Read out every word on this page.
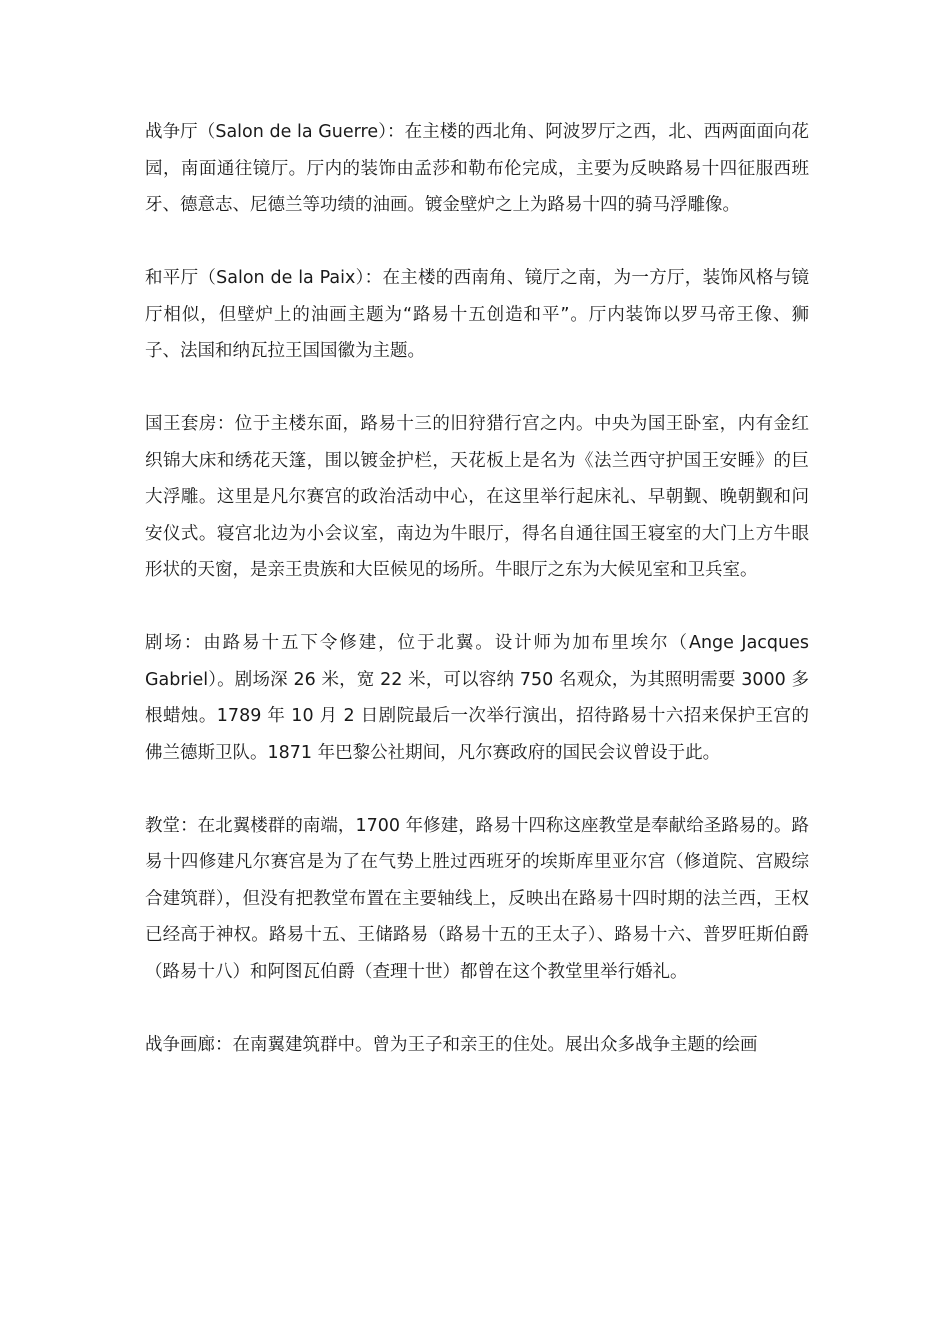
战争厅（Salon de la Guerre）：在主楼的西北角、阿波罗厅之西，北、西两面面向花园，南面通往镜厅。厅内的装饰由孟莎和勒布伦完成，主要为反映路易十四征服西班牙、德意志、尼德兰等功绩的油画。镀金壁炉之上为路易十四的骑马浮雕像。

和平厅（Salon de la Paix）：在主楼的西南角、镜厅之南，为一方厅，装饰风格与镜厅相似，但壁炉上的油画主题为“路易十五创造和平”。厅内装饰以罗马帝王像、狮子、法国和纳瓦拉王国国徽为主题。

国王套房：位于主楼东面，路易十三的旧狩猎行宫之内。中央为国王卧室，内有金红织锦大床和绣花天篷，围以镀金护栏，天花板上是名为《法兰西守护国王安睡》的巨大浮雕。这里是凡尔赛宫的政治活动中心，在这里举行起床礼、早朝觐、晚朝觐和问安仪式。寝宫北边为小会议室，南边为牛眼厅，得名自通往国王寝室的大门上方牛眼形状的天窗，是亲王贵族和大臣候见的场所。牛眼厅之东为大候见室和卫兵室。

剧场：由路易十五下令修建，位于北翼。设计师为加布里埃尔（Ange Jacques Gabriel）。剧场深 26 米，宽 22 米，可以容纳 750 名观众，为其照明需要 3000 多根蜡烛。1789 年 10 月 2 日剧院最后一次举行演出，招待路易十六招来保护王宫的佛兰德斯卫队。1871 年巴黎公社期间，凡尔赛政府的国民会议曾设于此。

教堂：在北翼楼群的南端，1700 年修建，路易十四称这座教堂是奉献给圣路易的。路易十四修建凡尔赛宫是为了在气势上胜过西班牙的埃斯库里亚尔宫（修道院、宫殿综合建筑群），但没有把教堂布置在主要轴线上，反映出在路易十四时期的法兰西，王权已经高于神权。路易十五、王储路易（路易十五的王太子）、路易十六、普罗旺斯伯爵（路易十八）和阿图瓦伯爵（查理十世）都曾在这个教堂里举行婚礼。

战争画廊：在南翼建筑群中。曾为王子和亲王的住处。展出众多战争主题的绘画
